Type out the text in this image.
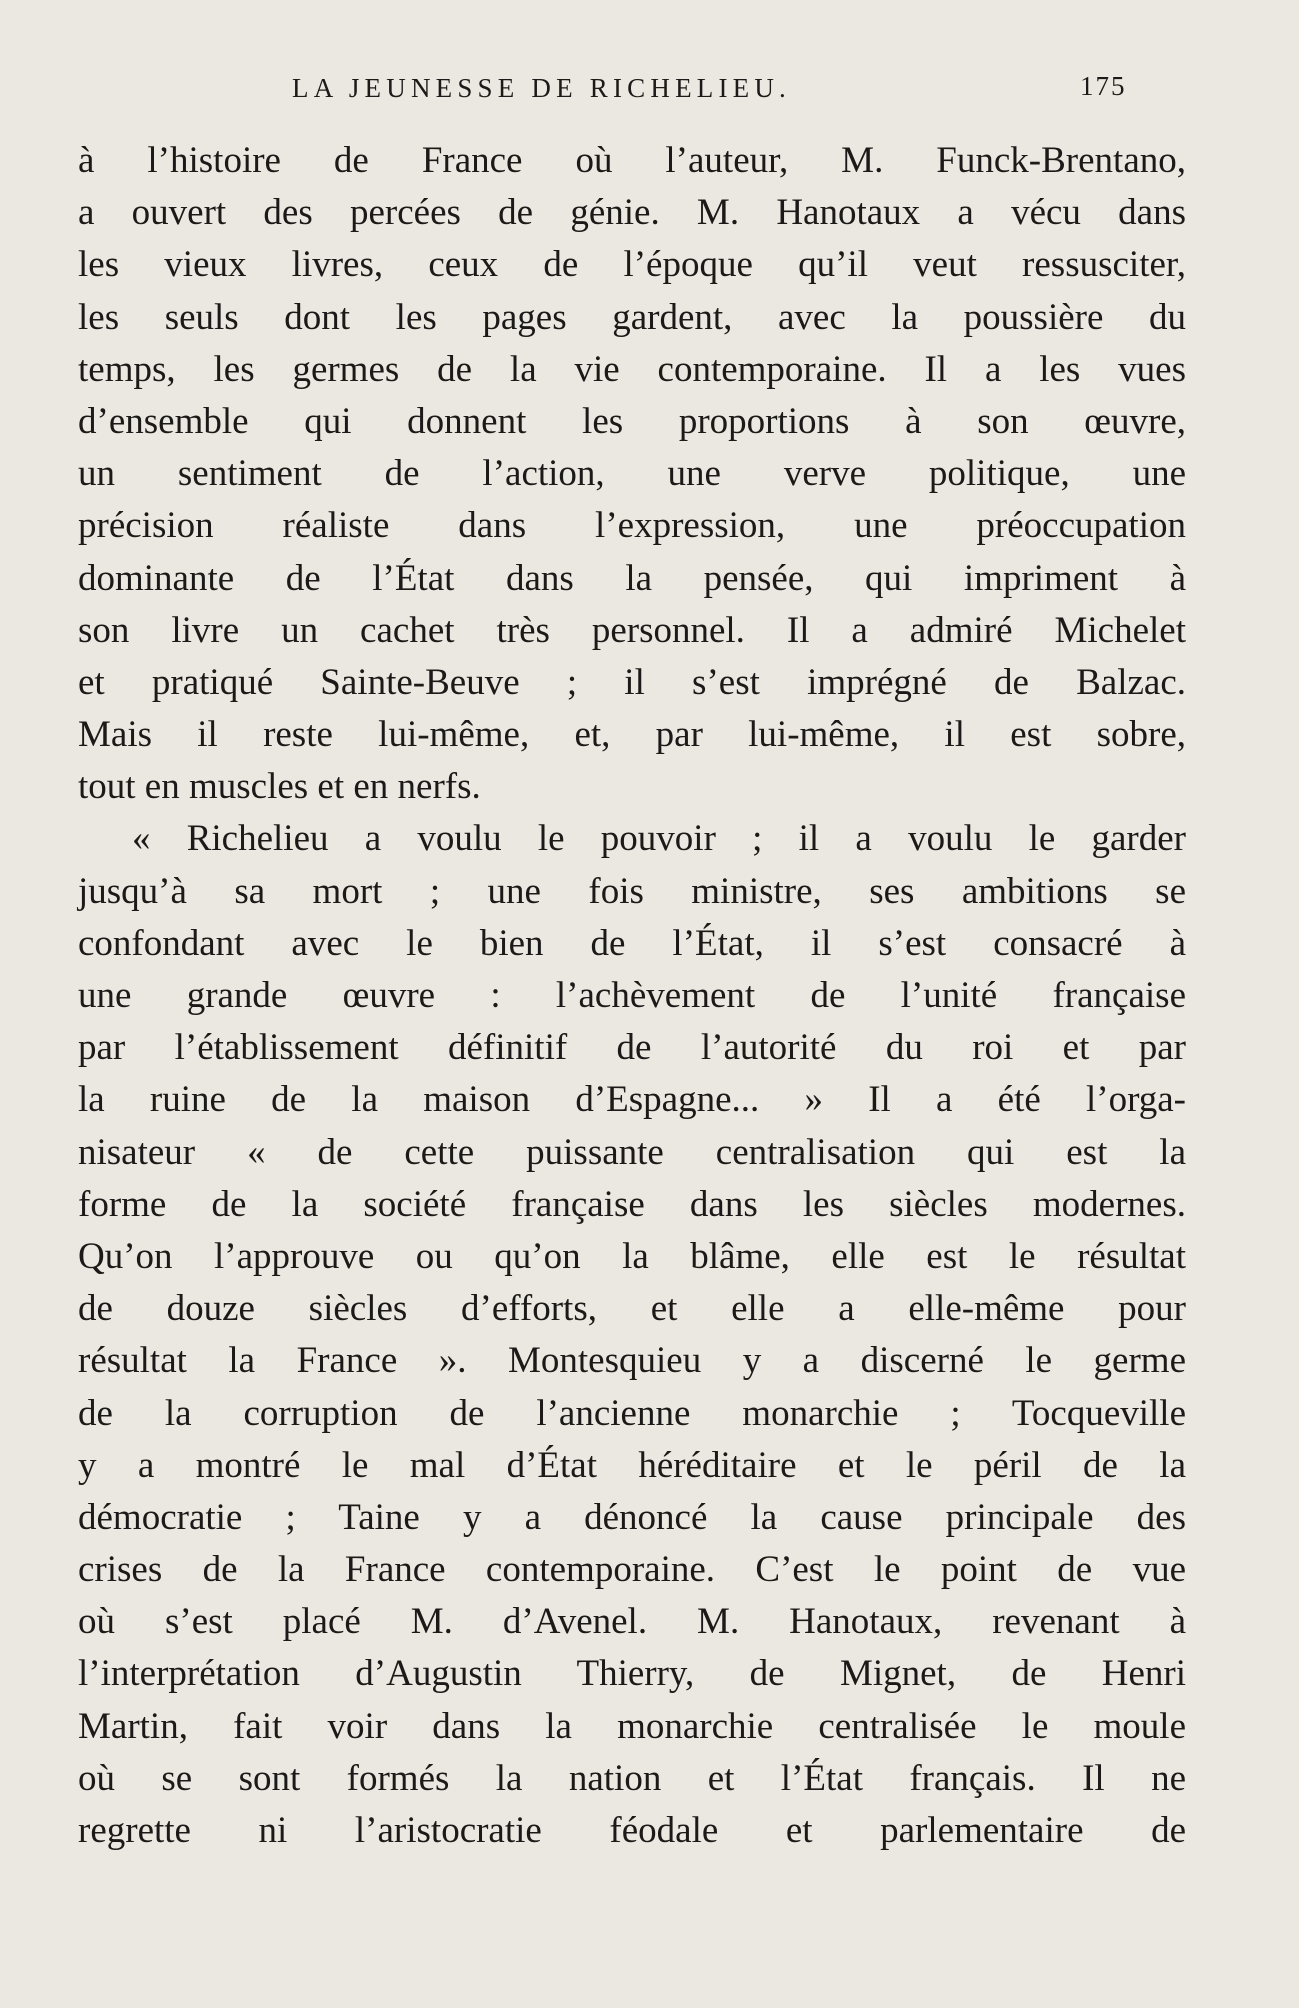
LA JEUNESSE DE RICHELIEU.	175
à l’histoire de France où l’auteur, M. Funck-Brentano,
a ouvert des percées de génie. M. Hanotaux a vécu dans
les vieux livres, ceux de l’époque qu’il veut ressusciter,
les seuls dont les pages gardent, avec la poussière du
temps, les germes de la vie contemporaine. Il a les vues
d’ensemble qui donnent les proportions à son œuvre,
un sentiment de l’action, une verve politique, une
précision réaliste dans l’expression, une préoccupation
dominante de l’État dans la pensée, qui impriment à
son livre un cachet très personnel. Il a admiré Michelet
et pratiqué Sainte-Beuve ; il s’est imprégné de Balzac.
Mais il reste lui-même, et, par lui-même, il est sobre,
tout en muscles et en nerfs.
« Richelieu a voulu le pouvoir ; il a voulu le garder
jusqu’à sa mort ; une fois ministre, ses ambitions se
confondant avec le bien de l’État, il s’est consacré à
une grande œuvre : l’achèvement de l’unité française
par l’établissement définitif de l’autorité du roi et par
la ruine de la maison d’Espagne... » Il a été l’orga-
nisateur « de cette puissante centralisation qui est la
forme de la société française dans les siècles modernes.
Qu’on l’approuve ou qu’on la blâme, elle est le résultat
de douze siècles d’efforts, et elle a elle-même pour
résultat la France ». Montesquieu y a discerné le germe
de la corruption de l’ancienne monarchie ; Tocqueville
y a montré le mal d’État héréditaire et le péril de la
démocratie ; Taine y a dénoncé la cause principale des
crises de la France contemporaine. C’est le point de vue
où s’est placé M. d’Avenel. M. Hanotaux, revenant à
l’interprétation d’Augustin Thierry, de Mignet, de Henri
Martin, fait voir dans la monarchie centralisée le moule
où se sont formés la nation et l’État français. Il ne
regrette ni l’aristocratie féodale et parlementaire de
